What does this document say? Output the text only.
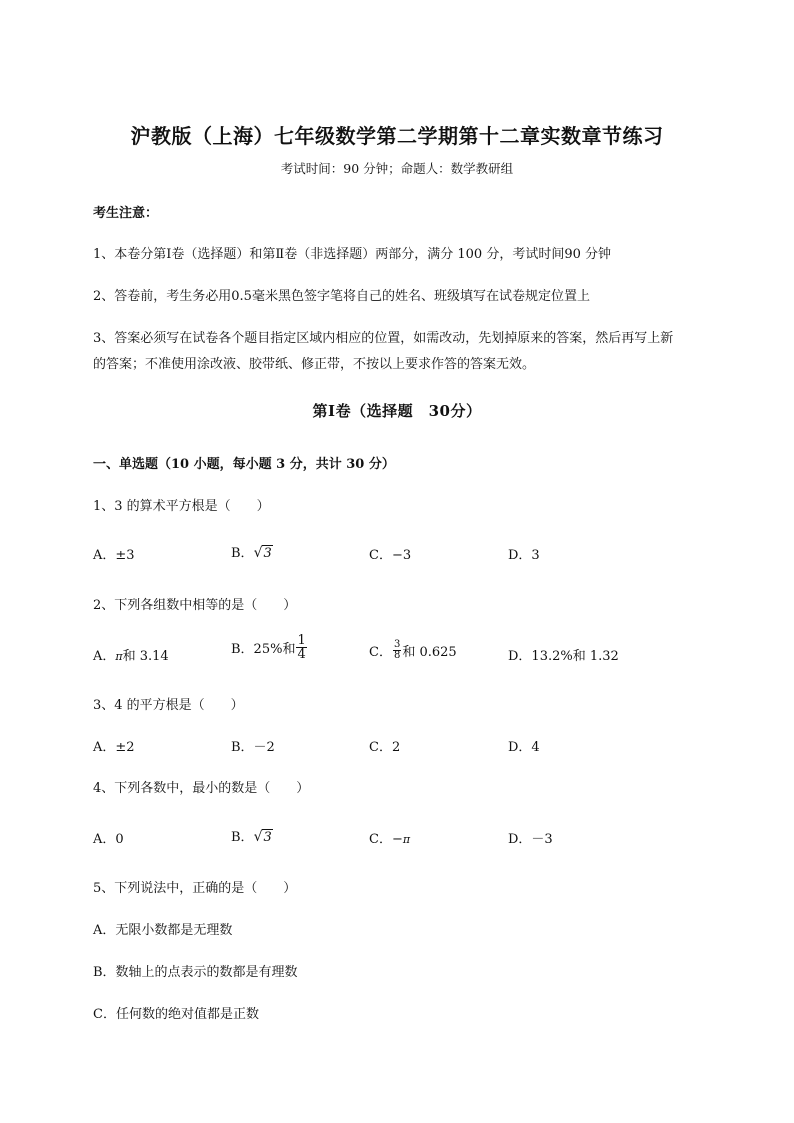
沪教版（上海）七年级数学第二学期第十二章实数章节练习
考试时间：90 分钟；命题人：数学教研组
考生注意：
1、本卷分第Ⅰ卷（选择题）和第Ⅱ卷（非选择题）两部分，满分 100 分，考试时间90 分钟
2、答卷前，考生务必用0.5毫米黑色签字笔将自己的姓名、班级填写在试卷规定位置上
3、答案必须写在试卷各个题目指定区域内相应的位置，如需改动，先划掉原来的答案，然后再写上新
的答案；不准使用涂改液、胶带纸、修正带，不按以上要求作答的答案无效。
第Ⅰ卷（选择题　30分）
一、单选题（10 小题，每小题 3 分，共计 30 分）
1、3 的算术平方根是（　　）
A．±3	B．√3	C．−3	D．3
2、下列各组数中相等的是（　　）
A．π和 3.14	B．25%和 $\frac{1}{4}$	C． $\frac{3}{8}$ 和 0.625	D．13.2%和 1.32
3、4 的平方根是（　　）
A．±2	B．－2	C．2	D．4
4、下列各数中，最小的数是（　　）
A．0	B．√3	C．−π	D．－3
5、下列说法中，正确的是（　　）
A．无限小数都是无理数
B．数轴上的点表示的数都是有理数
C．任何数的绝对值都是正数
